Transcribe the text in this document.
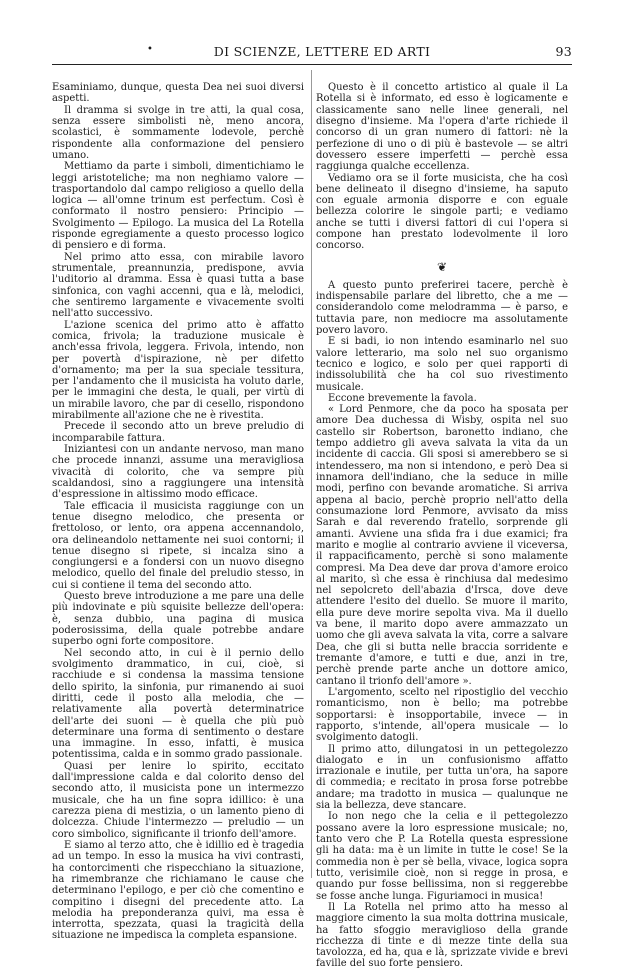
•	DI SCIENZE, LETTERE ED ARTI	93

Esaminiamo, dunque, questa Dea nei suoi diversi aspetti.

Il dramma si svolge in tre atti, la qual cosa, senza essere simbolisti nè, meno ancora, scolastici, è sommamente lodevole, perchè rispondente alla conformazione del pensiero umano.

Mettiamo da parte i simboli, dimentichiamo le leggi aristoteliche; ma non neghiamo valore — trasportandolo dal campo religioso a quello della logica — all'omne trinum est perfectum. Così è conformato il nostro pensiero: Principio — Svolgimento — Epilogo. La musica del La Rotella risponde egregiamente a questo processo logico di pensiero e di forma.

Nel primo atto essa, con mirabile lavoro strumentale, preannunzia, predispone, avvia l'uditorio al dramma. Essa è quasi tutta a base sinfonica, con vaghi accenni, qua e là, melodici, che sentiremo largamente e vivacemente svolti nell'atto successivo.

L'azione scenica del primo atto è affatto comica, frivola; la traduzione musicale è anch'essa frivola, leggera. Frivola, intendo, non per povertà d'ispirazione, nè per difetto d'ornamento; ma per la sua speciale tessitura, per l'andamento che il musicista ha voluto darle, per le immagini che desta, le quali, per virtù di un mirabile lavoro, che par di cesello, rispondono mirabilmente all'azione che ne è rivestita.

Precede il secondo atto un breve preludio di incomparabile fattura.

Iniziantesi con un andante nervoso, man mano che procede innanzi, assume una meravigliosa vivacità di colorito, che va sempre più scaldandosi, sino a raggiungere una intensità d'espressione in altissimo modo efficace.

Tale efficacia il musicista raggiunge con un tenue disegno melodico, che presenta or frettoloso, or lento, ora appena accennandolo, ora delineandolo nettamente nei suoi contorni; il tenue disegno si ripete, si incalza sino a congiungersi e a fondersi con un nuovo disegno melodico, quello del finale del preludio stesso, in cui si contiene il tema del secondo atto.

Questo breve introduzione a me pare una delle più indovinate e più squisite bellezze dell'opera: è, senza dubbio, una pagina di musica poderosissima, della quale potrebbe andare superbo ogni forte compositore.

Nel secondo atto, in cui è il pernio dello svolgimento drammatico, in cui, cioè, si racchiude e si condensa la massima tensione dello spirito, la sinfonia, pur rimanendo ai suoi diritti, cede il posto alla melodia, che — relativamente alla povertà determinatrice dell'arte dei suoni — è quella che più può determinare una forma di sentimento o destare una immagine. In esso, infatti, è musica potentissima, calda e in sommo grado passionale.

Quasi per lenire lo spirito, eccitato dall'impressione calda e dal colorito denso del secondo atto, il musicista pone un intermezzo musicale, che ha un fine sopra idillico: è una carezza piena di mestizia, o un lamento pieno di dolcezza. Chiude l'intermezzo — preludio — un coro simbolico, significante il trionfo dell'amore.

E siamo al terzo atto, che è idillio ed è tragedia ad un tempo. In esso la musica ha vivi contrasti, ha contorcimenti che rispecchiano la situazione, ha rimembranze che richiamano le cause che determinano l'epilogo, e per ciò che comentino e compitino i disegni del precedente atto. La melodia ha preponderanza quivi, ma essa è interrotta, spezzata, quasi la tragicità della situazione ne impedisca la completa espansione.

Questo è il concetto artistico al quale il La Rotella si è informato, ed esso è logicamente e classicamente sano nelle linee generali, nel disegno d'insieme. Ma l'opera d'arte richiede il concorso di un gran numero di fattori: nè la perfezione di uno o di più è bastevole — se altri dovessero essere imperfetti — perchè essa raggiunga qualche eccellenza.

Vediamo ora se il forte musicista, che ha così bene delineato il disegno d'insieme, ha saputo con eguale armonia disporre e con eguale bellezza colorire le singole parti; e vediamo anche se tutti i diversi fattori di cui l'opera si compone han prestato lodevolmente il loro concorso.

❦

A questo punto preferirei tacere, perchè è indispensabile parlare del libretto, che a me — considerandolo come melodramma — è parso, e tuttavia pare, non mediocre ma assolutamente povero lavoro.

E si badi, io non intendo esaminarlo nel suo valore letterario, ma solo nel suo organismo tecnico e logico, e solo per quei rapporti di indissolubilità che ha col suo rivestimento musicale.

Eccone brevemente la favola.

« Lord Penmore, che da poco ha sposata per amore Dea duchessa di Wisby, ospita nel suo castello sir Robertson, baronetto indiano, che tempo addietro gli aveva salvata la vita da un incidente di caccia. Gli sposi si amerebbero se si intendessero, ma non si intendono, e però Dea si innamora dell'indiano, che la seduce in mille modi, perfino con bevande aromatiche. Si arriva appena al bacio, perchè proprio nell'atto della consumazione lord Penmore, avvisato da miss Sarah e dal reverendo fratello, sorprende gli amanti. Avviene una sfida fra i due examici; fra marito e moglie al contrario avviene il viceversa, il rappacificamento, perchè si sono malamente compresi. Ma Dea deve dar prova d'amore eroico al marito, sì che essa è rinchiusa dal medesimo nel sepolcreto dell'abazia d'Irsca, dove deve attendere l'esito del duello. Se muore il marito, ella pure deve morire sepolta viva. Ma il duello va bene, il marito dopo avere ammazzato un uomo che gli aveva salvata la vita, corre a salvare Dea, che gli si butta nelle braccia sorridente e tremante d'amore, e tutti e due, anzi in tre, perchè prende parte anche un dottore amico, cantano il trionfo dell'amore ».

L'argomento, scelto nel ripostiglio del vecchio romanticismo, non è bello; ma potrebbe sopportarsi: è insopportabile, invece — in rapporto, s'intende, all'opera musicale — lo svolgimento datogli.

Il primo atto, dilungatosi in un pettegolezzo dialogato e in un confusionismo affatto irrazionale e inutile, per tutta un'ora, ha sapore di commedia; e recitato in prosa forse potrebbe andare; ma tradotto in musica — qualunque ne sia la bellezza, deve stancare.

Io non nego che la celia e il pettegolezzo possano avere la loro espressione musicale; no, tanto vero che P. La Rotella questa espressione gli ha data: ma è un limite in tutte le cose! Se la commedia non è per sè bella, vivace, logica sopra tutto, verisimile cioè, non si regge in prosa, e quando pur fosse bellissima, non si reggerebbe se fosse anche lunga. Figuriamoci in musica!

Il La Rotella nel primo atto ha messo al maggiore cimento la sua molta dottrina musicale, ha fatto sfoggio meraviglioso della grande ricchezza di tinte e di mezze tinte della sua tavolozza, ed ha, qua e là, sprizzate vivide e brevi faville del suo forte pensiero.
